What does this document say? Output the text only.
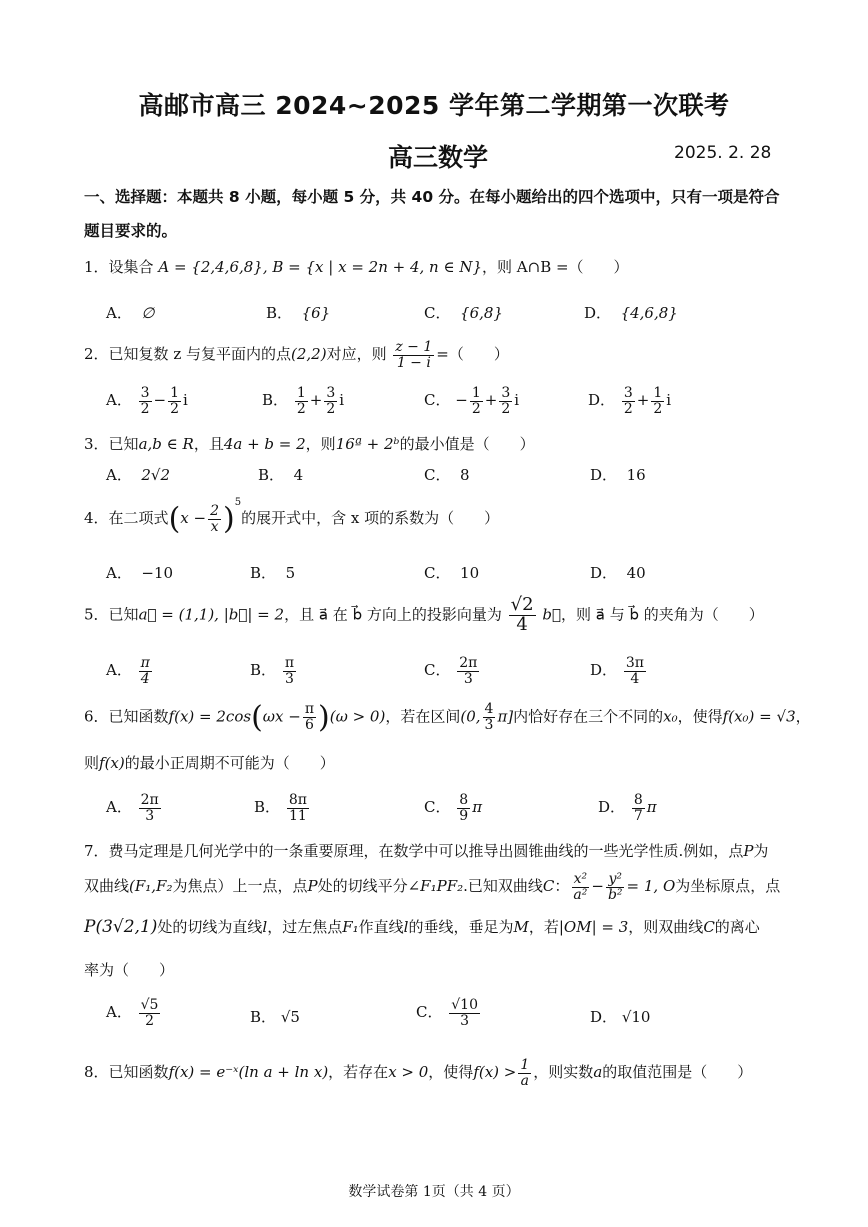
高邮市高三 2024~2025 学年第二学期第一次联考
高三数学	2025. 2. 28
一、选择题：本题共 8 小题，每小题 5 分，共 40 分。在每小题给出的四个选项中，只有一项是符合题目要求的。
1．设集合 A = {2,4,6,8}, B = {x | x = 2n + 4, n ∈ N}，则 A∩B =（　　）
A． ∅	B． {6}	C． {6,8}	D． {4,6,8}
2．已知复数 z 与复平面内的点(2,2)对应，则 $\frac{z - 1}{1 - i}$ =（　　）
A． $\frac{3}{2} - \frac{1}{2}$ i	B． $\frac{1}{2} + \frac{3}{2}$ i	C． − $\frac{1}{2} + \frac{3}{2}$ i	D． $\frac{3}{2} + \frac{1}{2}$ i
3．已知a,b ∈ R，且4a + b = 2，则16ª + 2ᵇ的最小值是（　　）
A． 2√2	B． 4	C． 8	D． 16
4．在二项式$(x - \frac{2}{x} )^5$的展开式中，含 x 项的系数为（　　）
A． −10	B． 5	C． 10	D． 40
5．已知a⃗ = (1,1), |b⃗| = 2，且 a⃗ 在 b⃗ 方向上的投影向量为 $\frac{√2}{4}$ b⃗，则 a⃗ 与 b⃗ 的夹角为（　　）
A． $\frac{\pi}{4}$	B． $\frac{\pi}{3}$	C． $\frac{2\pi}{3}$	D． $\frac{3\pi}{4}$
6．已知函数$f(x) = 2\cos(\omega x - \frac{\pi}{6} )(\omega > 0)$，若在区间(0, $\frac{4}{3} \pi$]内恰好存在三个不同的x₀，使得f(x₀) = √3，
则f(x)的最小正周期不可能为（　　）
A． $\frac{2\pi}{3}$	B． $\frac{8\pi}{11}$	C． $\frac{8}{9}$ π	D． $\frac{8}{7}$ π
7．费马定理是几何光学中的一条重要原理，在数学中可以推导出圆锥曲线的一些光学性质.例如，点P为
双曲线(F₁,F₂为焦点）上一点，点P处的切线平分∠F₁PF₂.已知双曲线C： $\frac{\text{x²}}{\text{a²}} - \frac{\text{y²}}{\text{b²}} = 1$, O为坐标原点，点
P(3√2,1)处的切线为直线l，过左焦点F₁作直线l的垂线，垂足为M，若|OM| = 3，则双曲线C的离心
率为（　　）
A． $\frac{√5}{2}$	B． √5	C． $\frac{√10}{3}$	D． √10
8．已知函数f(x) = e⁻ˣ(ln a + ln x)，若存在x > 0，使得$f(x) > \frac{1}{a}$ ，则实数a的取值范围是（　　）
数学试卷第 1页（共 4 页）
